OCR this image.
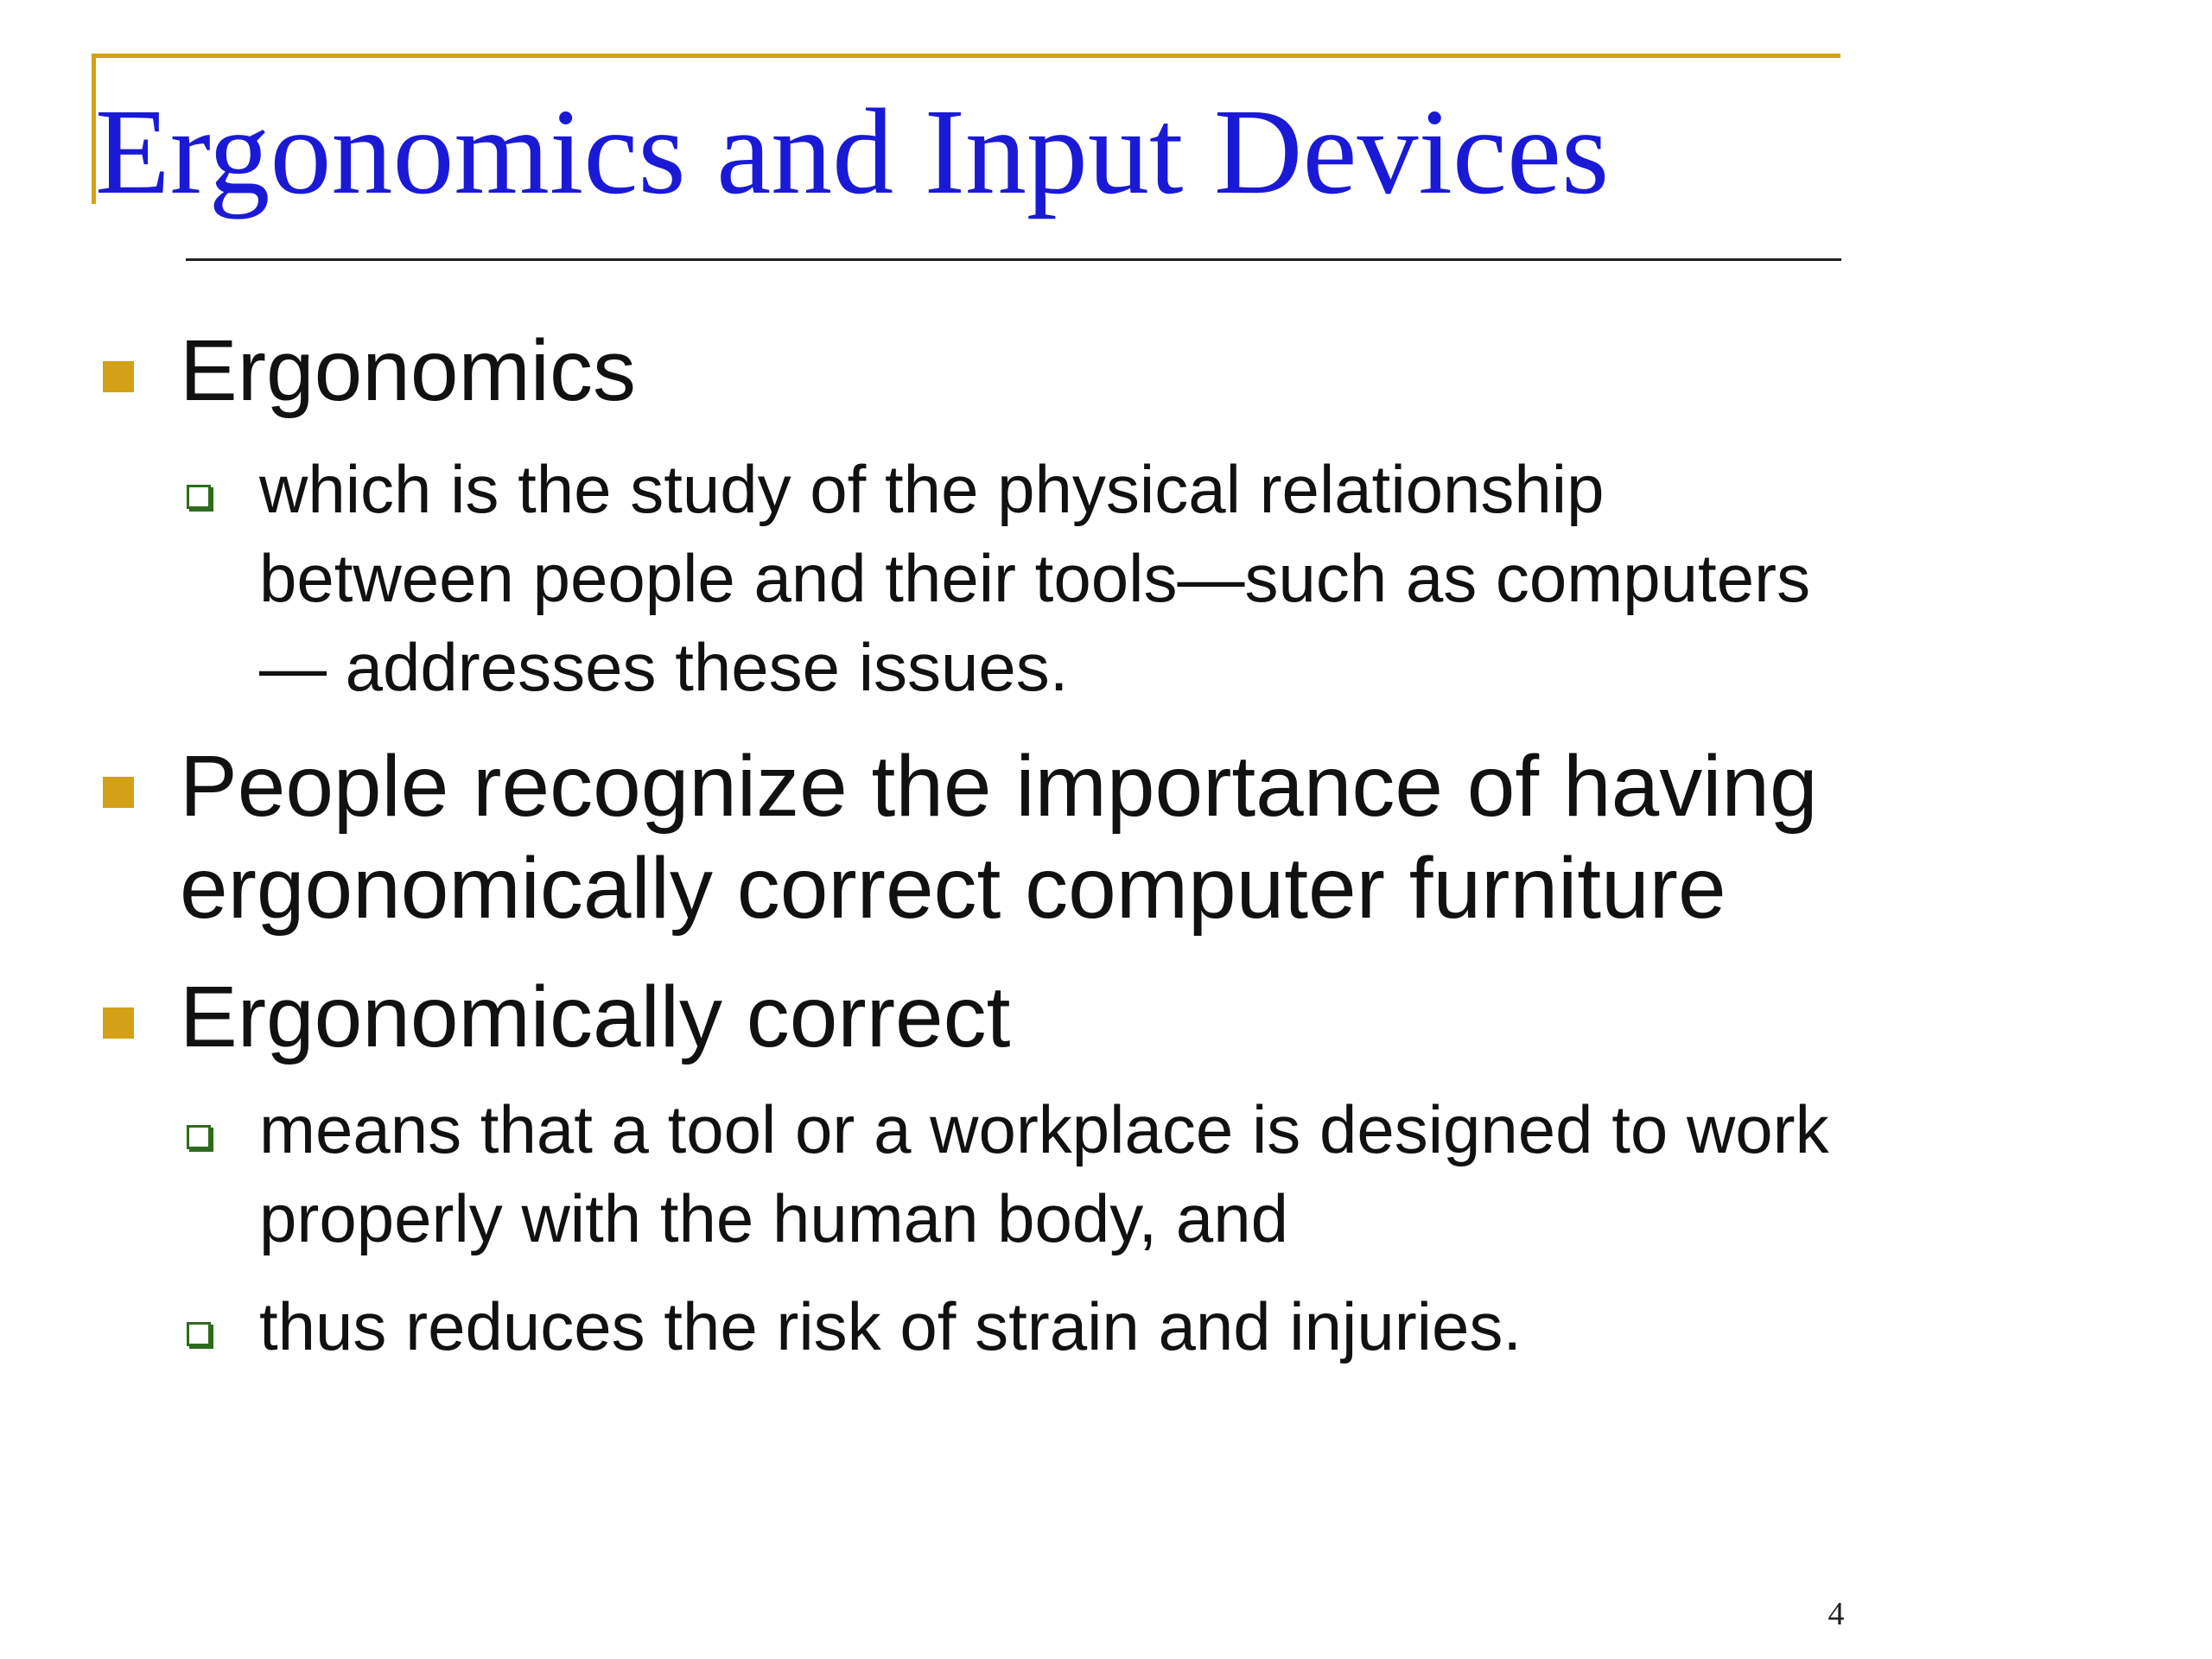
Ergonomics and Input Devices
Ergonomics
which is the study of the physical relationship between people and their tools—such as computers— addresses these issues.
People recognize the importance of having ergonomically correct computer furniture
Ergonomically correct
means that a tool or a workplace is designed to work properly with the human body, and
thus reduces the risk of strain and injuries.
4
